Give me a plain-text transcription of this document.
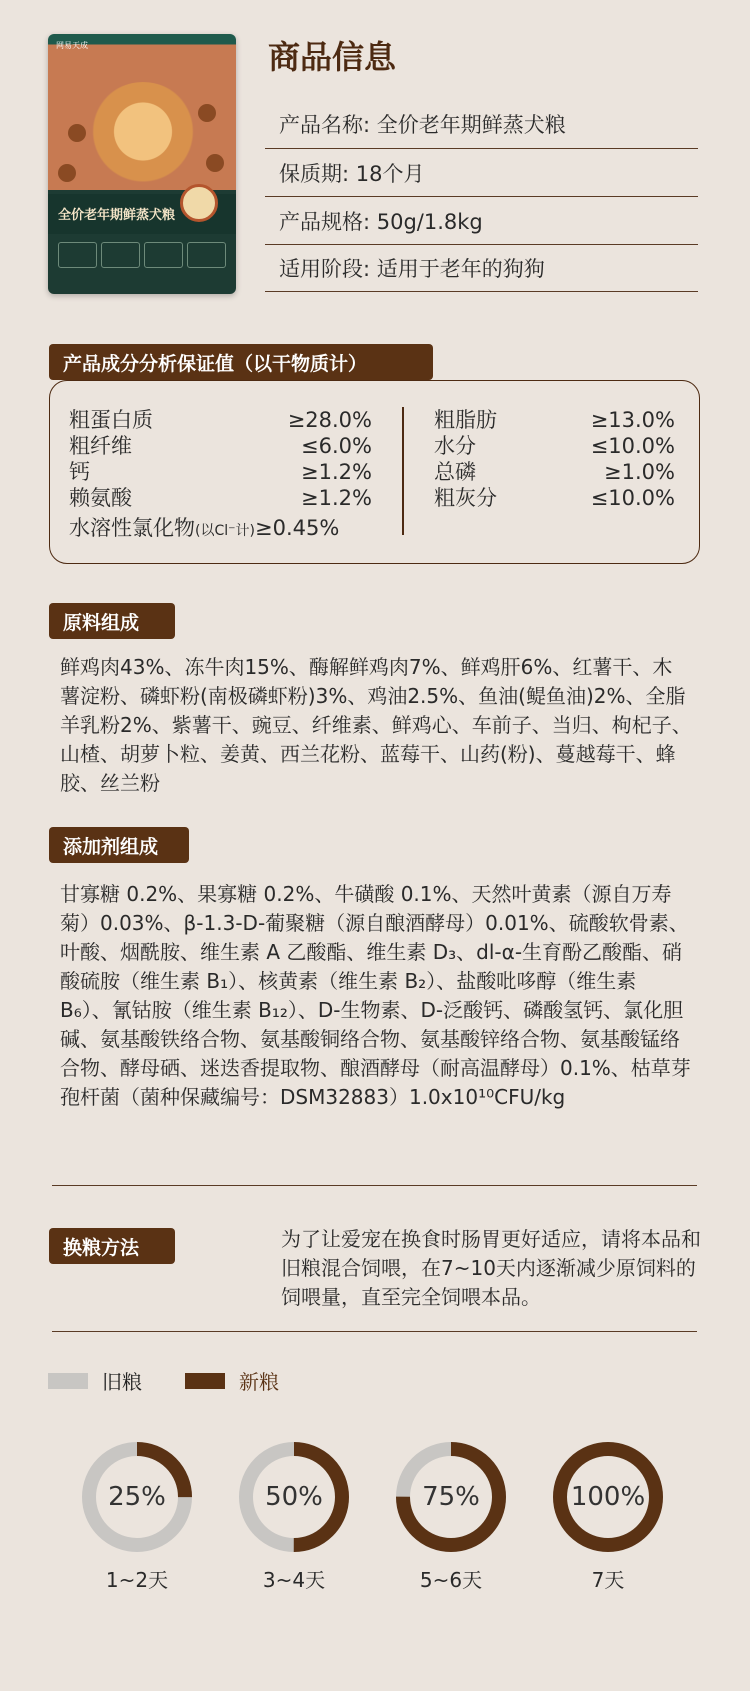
网易天成
全价老年期鲜蒸犬粮
商品信息
产品名称: 全价老年期鲜蒸犬粮
保质期: 18个月
产品规格: 50g/1.8kg
适用阶段: 适用于老年的狗狗
粗蛋白质	≥28.0%
粗纤维	≤6.0%
钙	≥1.2%
赖氨酸	≥1.2%
粗脂肪	≥13.0%
水分	≤10.0%
总磷	≥1.0%
粗灰分	≤10.0%
水溶性氯化物(以Cl⁻计)≥0.45%
产品成分分析保证值（以干物质计）
原料组成
鲜鸡肉43%、冻牛肉15%、酶解鲜鸡肉7%、鲜鸡肝6%、红薯干、木薯淀粉、磷虾粉(南极磷虾粉)3%、鸡油2.5%、鱼油(鳀鱼油)2%、全脂羊乳粉2%、紫薯干、豌豆、纤维素、鲜鸡心、车前子、当归、枸杞子、山楂、胡萝卜粒、姜黄、西兰花粉、蓝莓干、山药(粉)、蔓越莓干、蜂胶、丝兰粉
添加剂组成
甘寡糖 0.2%、果寡糖 0.2%、牛磺酸 0.1%、天然叶黄素（源自万寿菊）0.03%、β-1.3-D-葡聚糖（源自酿酒酵母）0.01%、硫酸软骨素、叶酸、烟酰胺、维生素 A 乙酸酯、维生素 D₃、dl-α-生育酚乙酸酯、硝酸硫胺（维生素 B₁）、核黄素（维生素 B₂）、盐酸吡哆醇（维生素 B₆）、氰钴胺（维生素 B₁₂）、D-生物素、D-泛酸钙、磷酸氢钙、氯化胆碱、氨基酸铁络合物、氨基酸铜络合物、氨基酸锌络合物、氨基酸锰络合物、酵母硒、迷迭香提取物、酿酒酵母（耐高温酵母）0.1%、枯草芽孢杆菌（菌种保藏编号：DSM32883）1.0x10¹⁰CFU/kg
换粮方法	为了让爱宠在换食时肠胃更好适应，请将本品和旧粮混合饲喂，在7~10天内逐渐减少原饲料的饲喂量，直至完全饲喂本品。
旧粮	新粮
25%
1~2天
50%
3~4天
75%
5~6天
100%
7天
